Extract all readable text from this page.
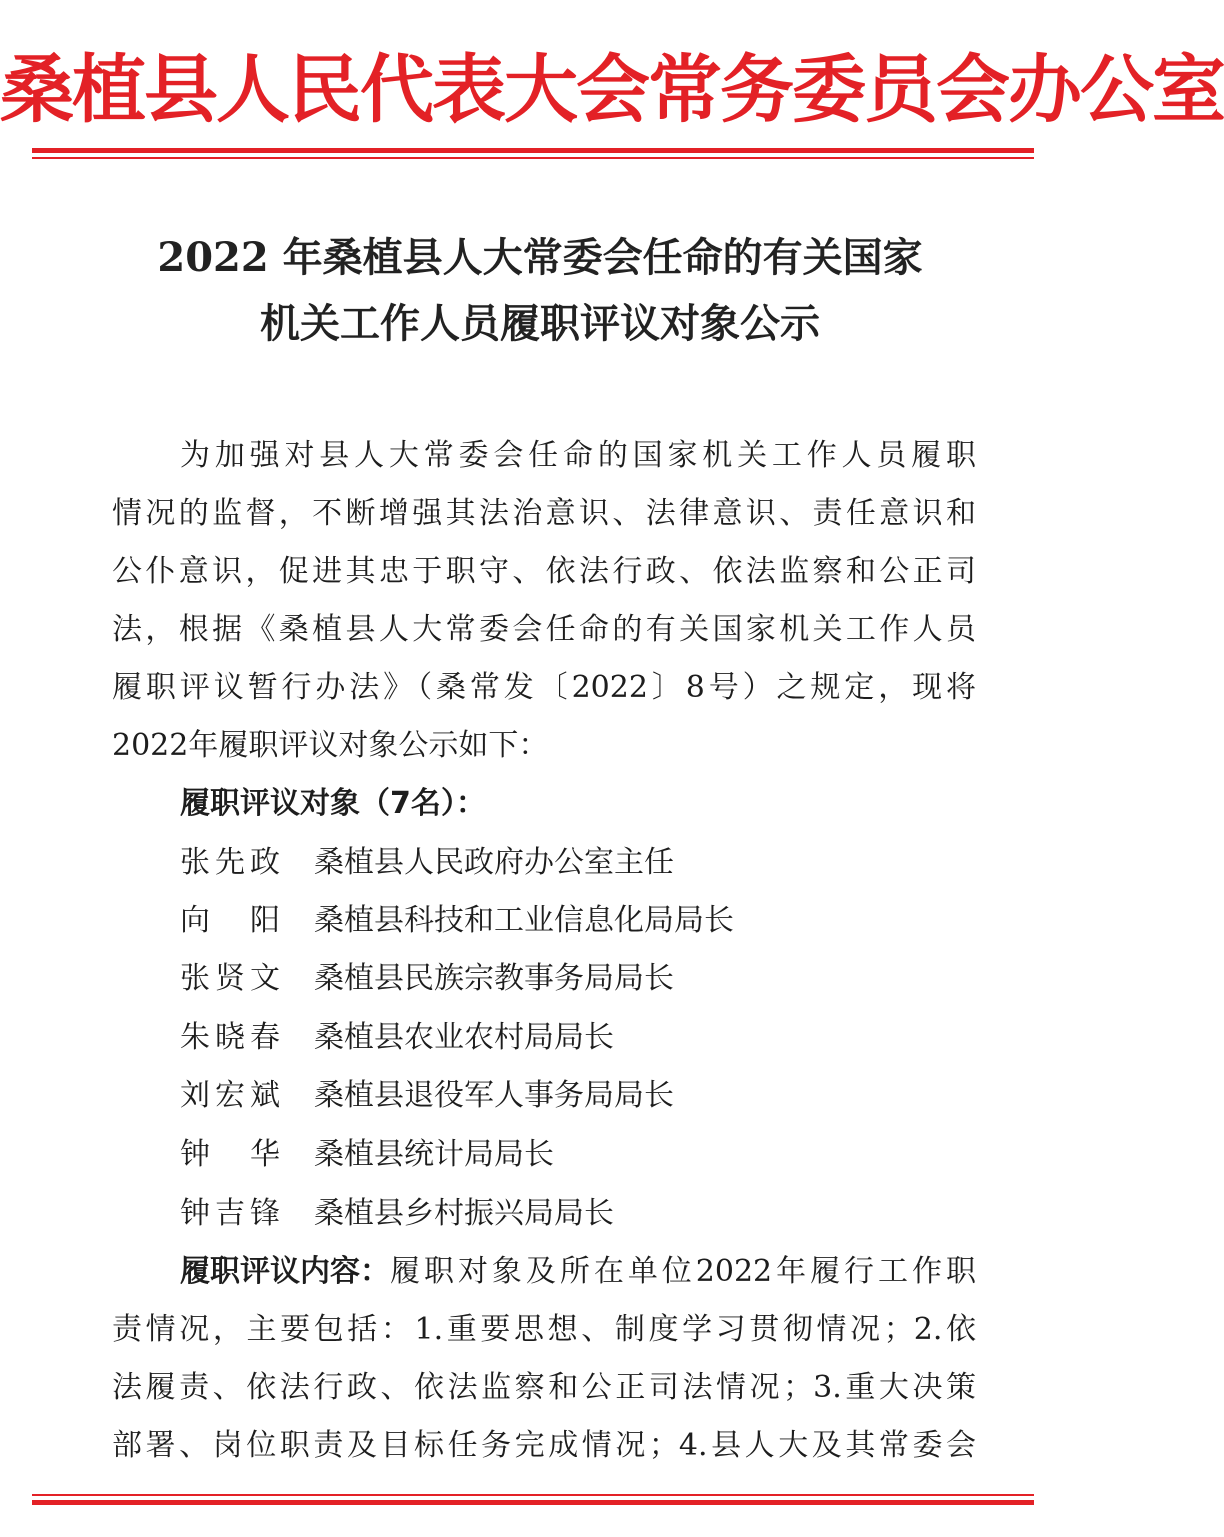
桑植县人民代表大会常务委员会办公室
2022 年桑植县人大常委会任命的有关国家
机关工作人员履职评议对象公示
为加强对县人大常委会任命的国家机关工作人员履职
情况的监督，不断增强其法治意识、法律意识、责任意识和
公仆意识，促进其忠于职守、依法行政、依法监察和公正司
法，根据《桑植县人大常委会任命的有关国家机关工作人员
履职评议暂行办法》（桑常发〔2022〕8号）之规定，现将
2022年履职评议对象公示如下：
履职评议对象（7名）：
张先政 桑植县人民政府办公室主任
向阳 桑植县科技和工业信息化局局长
张贤文 桑植县民族宗教事务局局长
朱晓春 桑植县农业农村局局长
刘宏斌 桑植县退役军人事务局局长
钟华 桑植县统计局局长
钟吉锋 桑植县乡村振兴局局长
履职评议内容： 履职对象及所在单位2022年履行工作职
责情况，主要包括：1.重要思想、制度学习贯彻情况；2.依
法履责、依法行政、依法监察和公正司法情况；3.重大决策
部署、岗位职责及目标任务完成情况；4.县人大及其常委会
